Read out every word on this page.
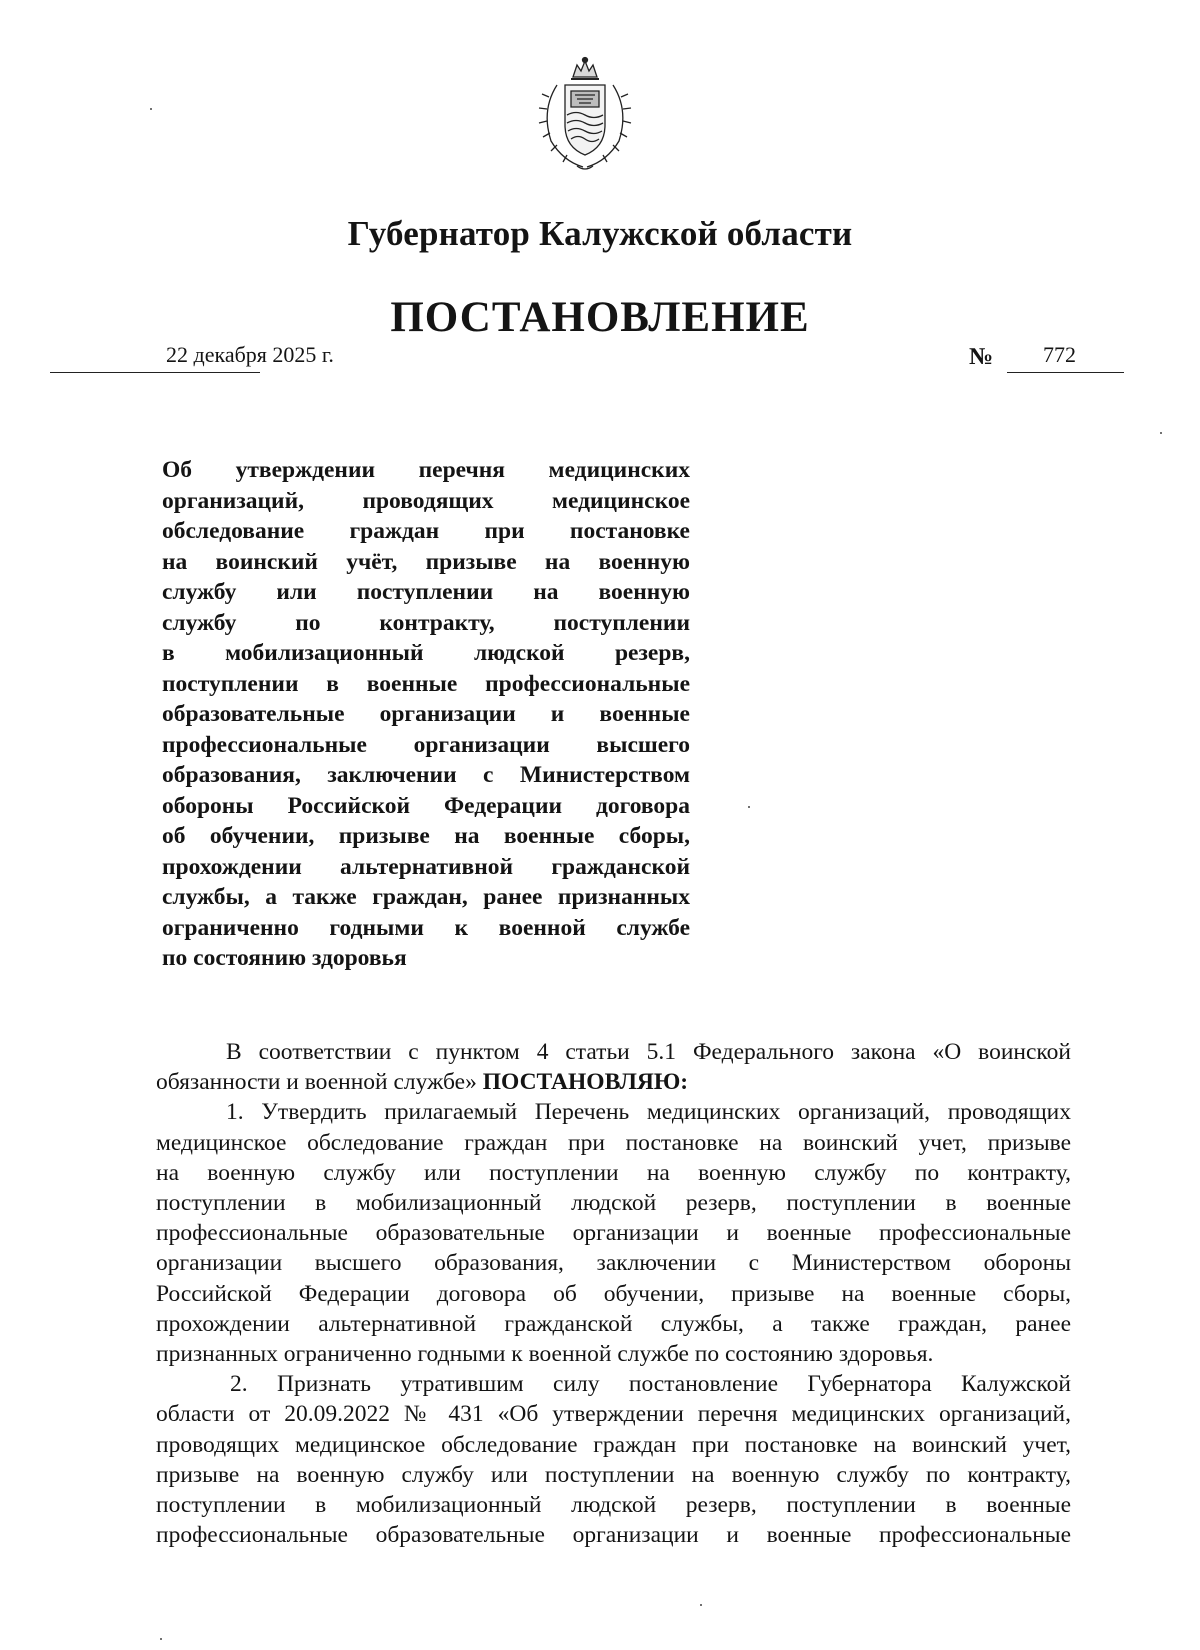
Губернатор Калужской области
ПОСТАНОВЛЕНИЕ
22 декабря 2025 г.	№ 772
Об утверждении перечня медицинских
организаций, проводящих медицинское
обследование граждан при постановке
на воинский учёт, призыве на военную
службу или поступлении на военную
службу по контракту, поступлении
в мобилизационный людской резерв,
поступлении в военные профессиональные
образовательные организации и военные
профессиональные организации высшего
образования, заключении с Министерством
обороны Российской Федерации договора
об обучении, призыве на военные сборы,
прохождении альтернативной гражданской
службы, а также граждан, ранее признанных
ограниченно годными к военной службе
по состоянию здоровья
В соответствии с пунктом 4 статьи 5.1 Федерального закона «О воинской
обязанности и военной службе» ПОСТАНОВЛЯЮ:
1. Утвердить прилагаемый Перечень медицинских организаций, проводящих
медицинское обследование граждан при постановке на воинский учет, призыве
на военную службу или поступлении на военную службу по контракту,
поступлении в мобилизационный людской резерв, поступлении в военные
профессиональные образовательные организации и военные профессиональные
организации высшего образования, заключении с Министерством обороны
Российской Федерации договора об обучении, призыве на военные сборы,
прохождении альтернативной гражданской службы, а также граждан, ранее
признанных ограниченно годными к военной службе по состоянию здоровья.
2. Признать утратившим силу постановление Губернатора Калужской
области от 20.09.2022 № 431 «Об утверждении перечня медицинских организаций,
проводящих медицинское обследование граждан при постановке на воинский учет,
призыве на военную службу или поступлении на военную службу по контракту,
поступлении в мобилизационный людской резерв, поступлении в военные
профессиональные образовательные организации и военные профессиональные
